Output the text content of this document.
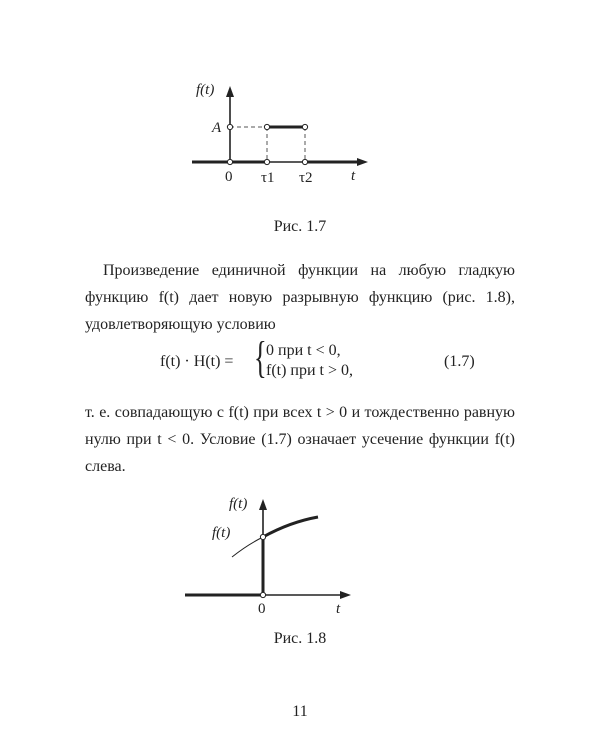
f(t)
A
0 τ1 τ2	t
Рис. 1.7

Произведение единичной функции на любую гладкую функцию f(t) дает новую разрывную функцию (рис. 1.8), удовлетворяющую условию

f(t) · H(t) = { 0 при t < 0,
f(t) при t > 0,
(1.7)

т. е. совпадающую с f(t) при всех t > 0 и тождественно равную нулю при t < 0. Условие (1.7) означает усечение функции f(t) слева.

f(t)
f(t)
0	t
Рис. 1.8
11
